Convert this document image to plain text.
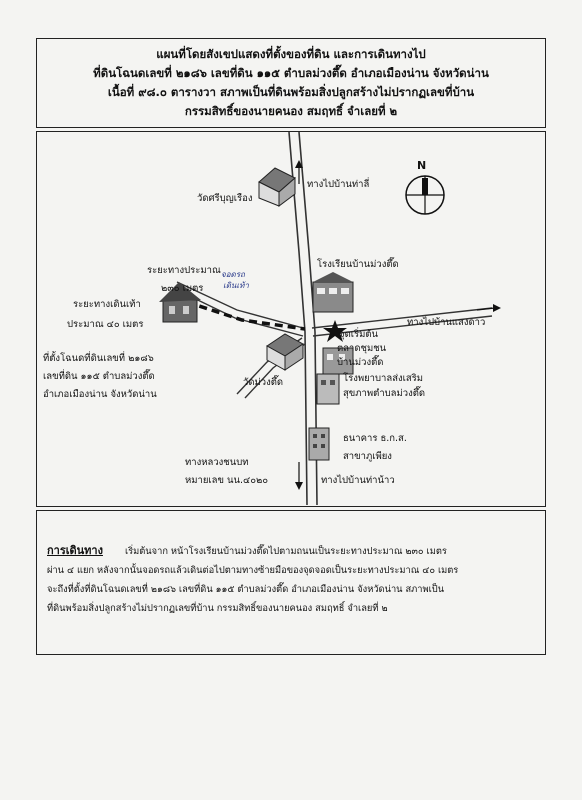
แผนที่โดยสังเขปแสดงที่ตั้งของที่ดิน และการเดินทางไป
ที่ดินโฉนดเลขที่ ๒๑๘๖ เลขที่ดิน ๑๑๕ ตำบลม่วงตึ๊ด อำเภอเมืองน่าน จังหวัดน่าน
เนื้อที่ ๙๘.๐ ตารางวา สภาพเป็นที่ดินพร้อมสิ่งปลูกสร้างไม่ปรากฏเลขที่บ้าน
กรรมสิทธิ์ของนายคนอง สมฤทธิ์ จำเลยที่ ๒
N
ทางไปบ้านท่าลี่
วัดศรีบุญเรือง
โรงเรียนบ้านม่วงตึ๊ด
ทางไปบ้านแสงดาว
จุดเริ่มต้น
ตลาดชุมชน
บ้านม่วงตึ๊ด
โรงพยาบาลส่งเสริม
สุขภาพตำบลม่วงตึ๊ด
วัดม่วงตึ๊ด
ระยะทางประมาณ
๒๓๐ เมตร
จอดรถ
เดินเท้า
ระยะทางเดินเท้า
ประมาณ ๔๐ เมตร
ที่ตั้งโฉนดที่ดินเลขที่ ๒๑๘๖
เลขที่ดิน ๑๑๕ ตำบลม่วงตึ๊ด
อำเภอเมืองน่าน จังหวัดน่าน
ธนาคาร ธ.ก.ส.
สาขาภูเพียง
ทางหลวงชนบท
หมายเลข นน.๔๐๒๐	ทางไปบ้านท่าน้าว
การเดินทาง เริ่มต้นจาก หน้าโรงเรียนบ้านม่วงตึ๊ดไปตามถนนเป็นระยะทางประมาณ ๒๓๐ เมตร
ผ่าน ๔ แยก หลังจากนั้นจอดรถแล้วเดินต่อไปตามทางซ้ายมือของจุดจอดเป็นระยะทางประมาณ ๔๐ เมตร
จะถึงที่ตั้งที่ดินโฉนดเลขที่ ๒๑๘๖ เลขที่ดิน ๑๑๕ ตำบลม่วงตึ๊ด อำเภอเมืองน่าน จังหวัดน่าน สภาพเป็น
ที่ดินพร้อมสิ่งปลูกสร้างไม่ปรากฏเลขที่บ้าน กรรมสิทธิ์ของนายคนอง สมฤทธิ์ จำเลยที่ ๒
